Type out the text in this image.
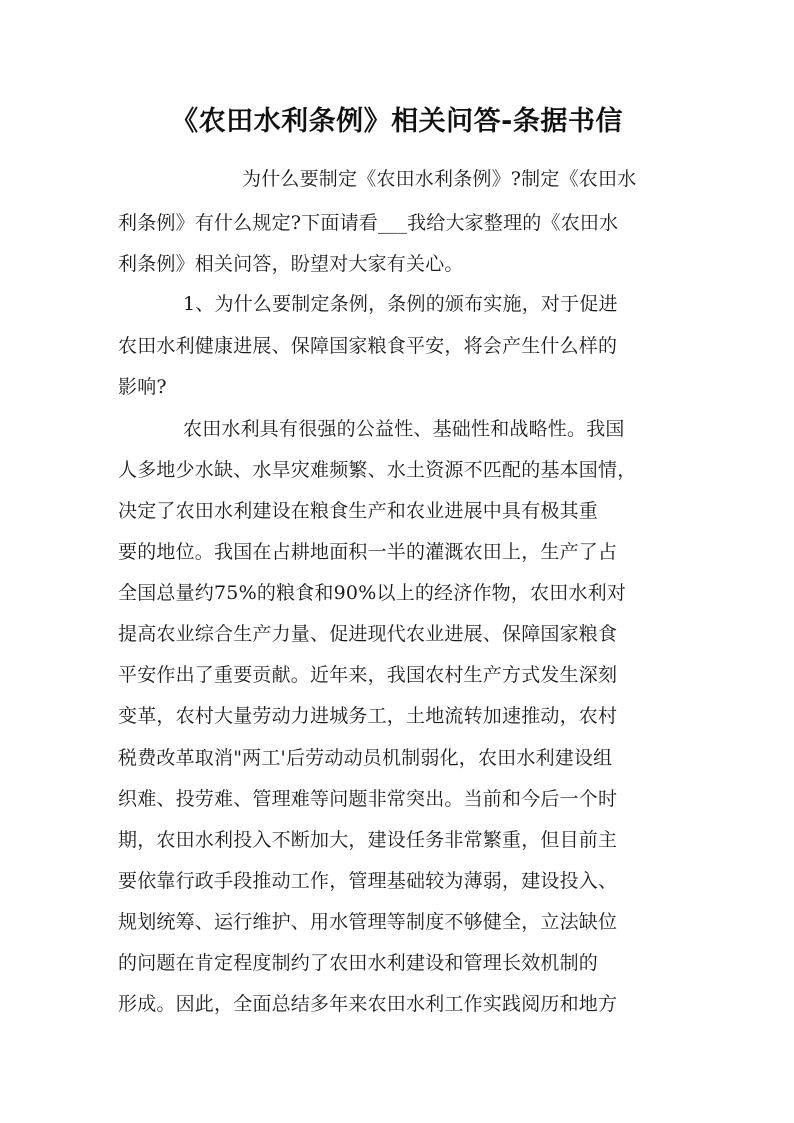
《农田水利条例》相关问答-条据书信
为什么要制定《农田水利条例》?制定《农田水
利条例》有什么规定?下面请看___我给大家整理的《农田水
利条例》相关问答，盼望对大家有关心。
1、为什么要制定条例，条例的颁布实施，对于促进
农田水利健康进展、保障国家粮食平安，将会产生什么样的
影响?
农田水利具有很强的公益性、基础性和战略性。我国
人多地少水缺、水旱灾难频繁、水土资源不匹配的基本国情，
决定了农田水利建设在粮食生产和农业进展中具有极其重
要的地位。我国在占耕地面积一半的灌溉农田上，生产了占
全国总量约75%的粮食和90%以上的经济作物，农田水利对
提高农业综合生产力量、促进现代农业进展、保障国家粮食
平安作出了重要贡献。近年来，我国农村生产方式发生深刻
变革，农村大量劳动力进城务工，土地流转加速推动，农村
税费改革取消"两工'后劳动动员机制弱化，农田水利建设组
织难、投劳难、管理难等问题非常突出。当前和今后一个时
期，农田水利投入不断加大，建设任务非常繁重，但目前主
要依靠行政手段推动工作，管理基础较为薄弱，建设投入、
规划统筹、运行维护、用水管理等制度不够健全，立法缺位
的问题在肯定程度制约了农田水利建设和管理长效机制的
形成。因此，全面总结多年来农田水利工作实践阅历和地方
